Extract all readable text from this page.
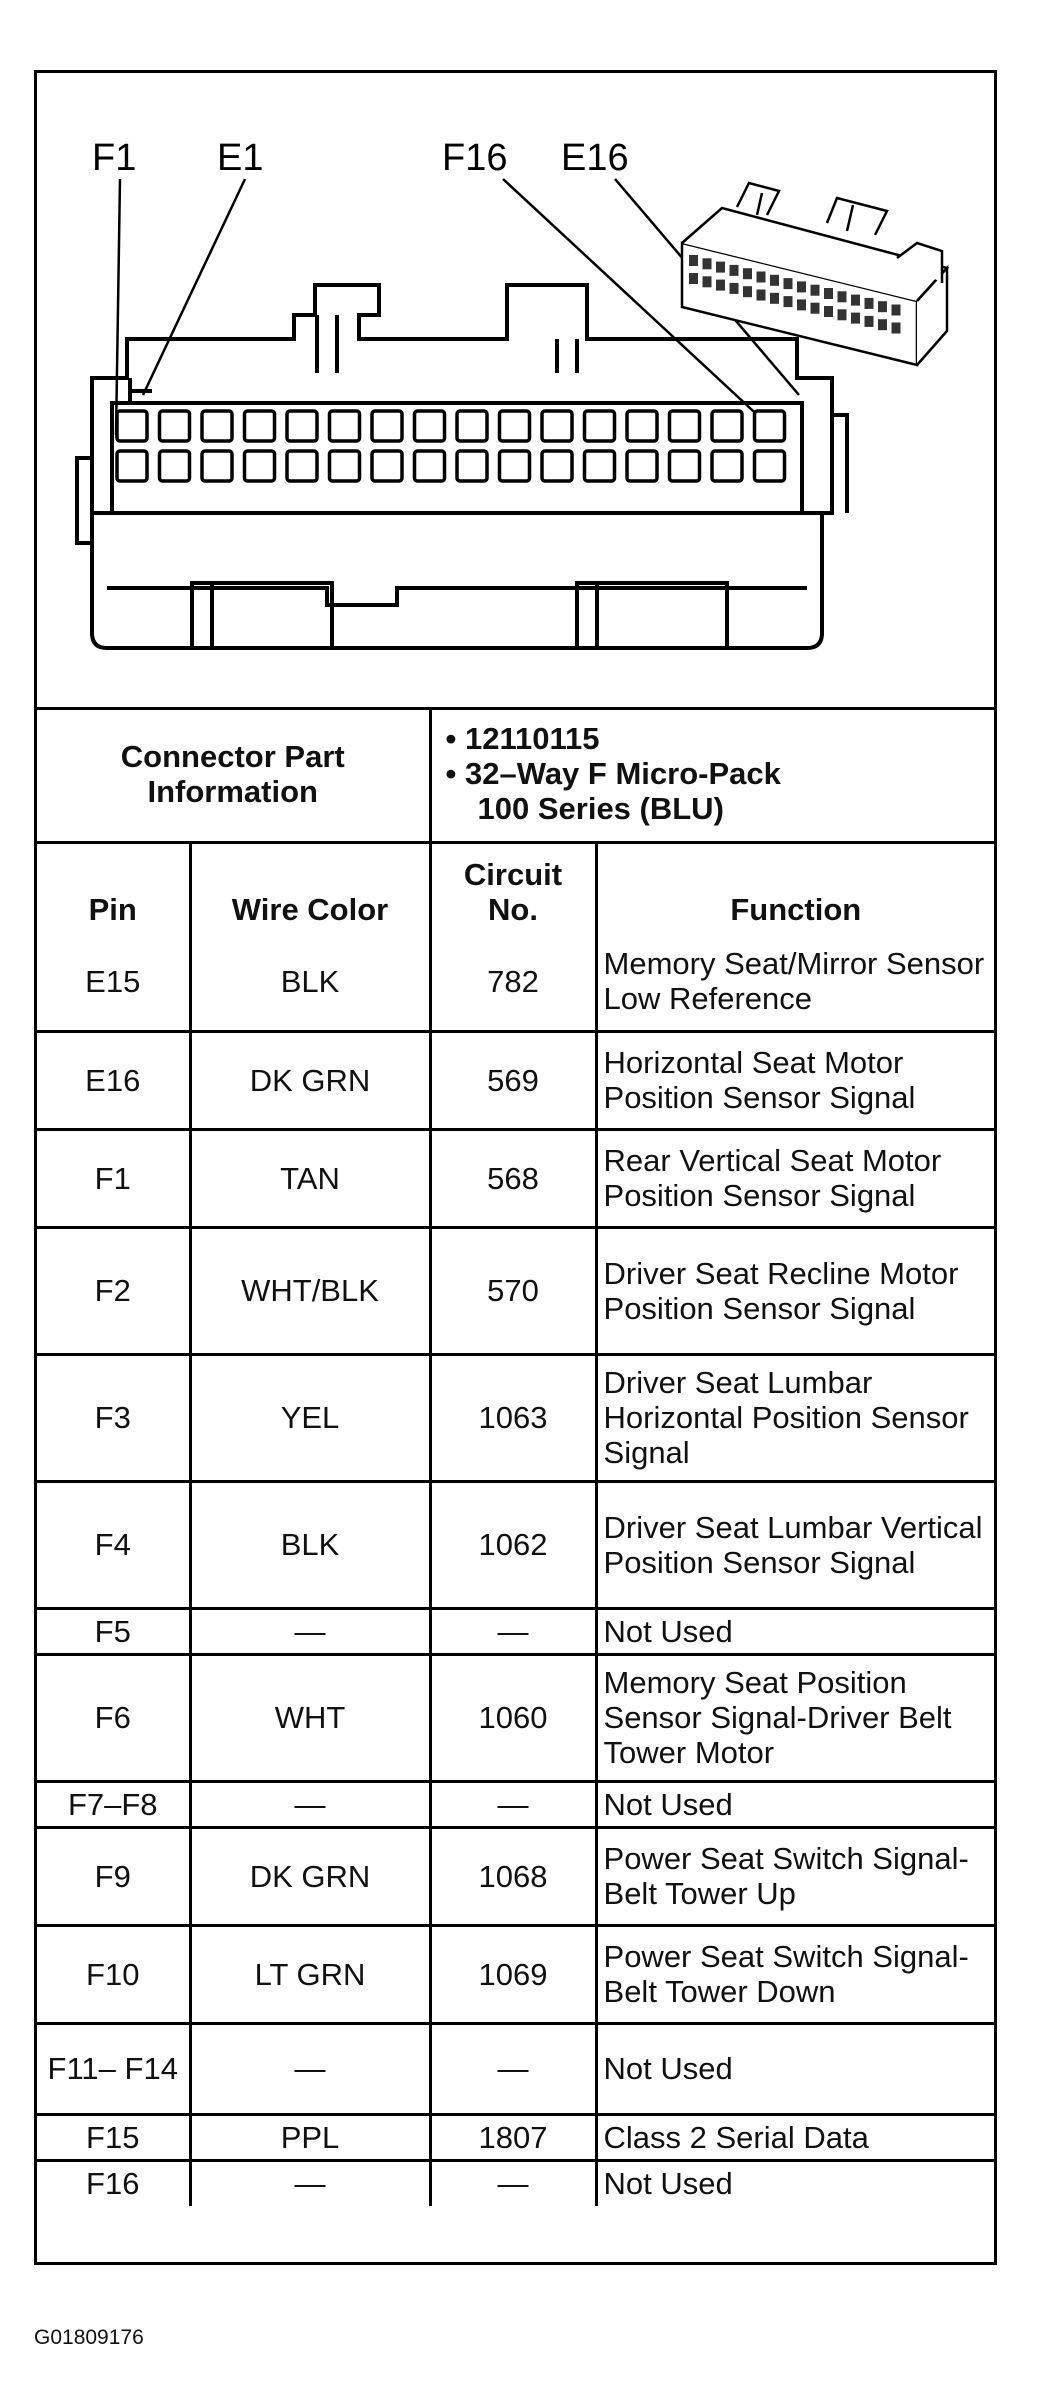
F1 E1	F16 E16
Connector Part Information		• 12110115
• 32–Way F Micro-Pack
100 Series (BLU)	

Pin	Wire Color	Circuit No.	Function
E15	BLK	782	Memory Seat/Mirror Sensor Low Reference
E16	DK GRN	569	Horizontal Seat Motor Position Sensor Signal
F1	TAN	568	Rear Vertical Seat Motor Position Sensor Signal
F2	WHT/BLK	570	Driver Seat Recline Motor Position Sensor Signal
F3	YEL	1063	Driver Seat Lumbar Horizontal Position Sensor Signal
F4	BLK	1062	Driver Seat Lumbar Vertical Position Sensor Signal
F5	—	—	Not Used
F6	WHT	1060	Memory Seat Position Sensor Signal-Driver Belt Tower Motor
F7–F8	—	—	Not Used
F9	DK GRN	1068	Power Seat Switch Signal-Belt Tower Up
F10	LT GRN	1069	Power Seat Switch Signal-Belt Tower Down
F11– F14	—	—	Not Used
F15	PPL	1807	Class 2 Serial Data
F16	—	—	Not Used
G01809176
